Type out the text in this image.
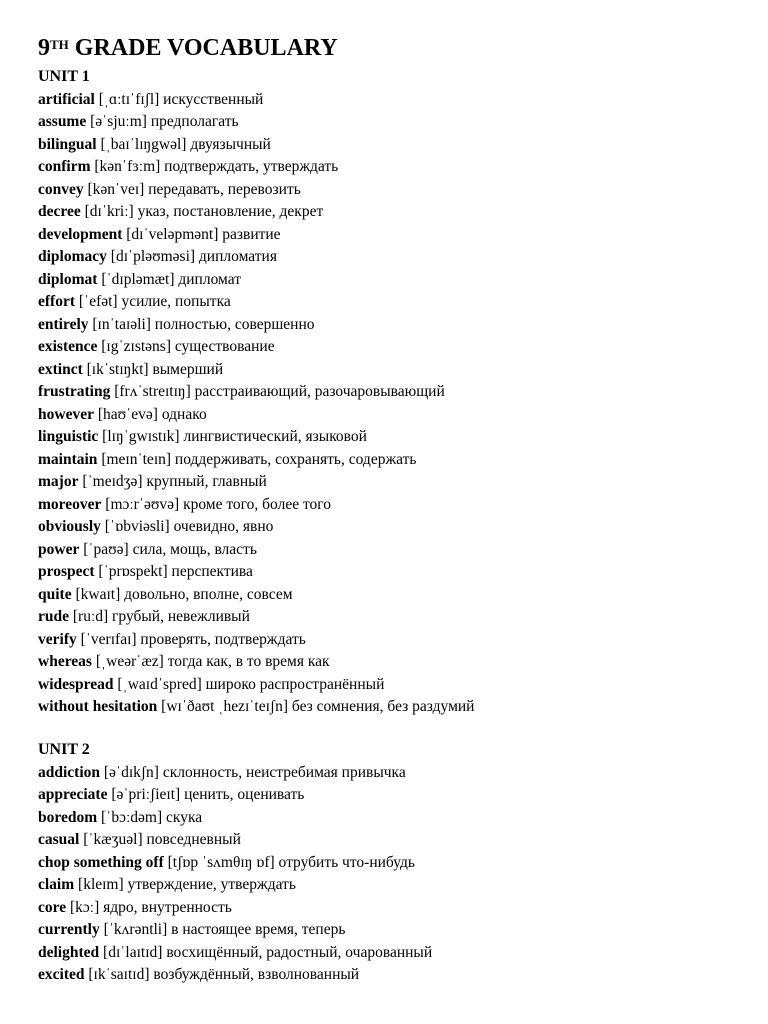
9TH GRADE VOCABULARY
UNIT 1
artificial [ˌɑːtɪˈfɪʃl] искусственный
assume [əˈsjuːm] предполагать
bilingual [ˌbaɪˈlɪŋgwəl] двуязычный
confirm [kənˈfɜːm] подтверждать, утверждать
convey [kənˈveɪ] передавать, перевозить
decree [dɪˈkriː] указ, постановление, декрет
development [dɪˈveləpmənt] развитие
diplomacy [dɪˈpləʊməsi] дипломатия
diplomat [ˈdɪpləmæt] дипломат
effort [ˈefət] усилие, попытка
entirely [ɪnˈtaɪəli] полностью, совершенно
existence [ɪgˈzɪstəns] существование
extinct [ɪkˈstɪŋkt] вымерший
frustrating [frʌˈstreɪtɪŋ] расстраивающий, разочаровывающий
however [haʊˈevə] однако
linguistic [lɪŋˈgwɪstɪk] лингвистический, языковой
maintain [meɪnˈteɪn] поддерживать, сохранять, содержать
major [ˈmeɪdʒə] крупный, главный
moreover [mɔːrˈəʊvə] кроме того, более того
obviously [ˈɒbviəsli] очевидно, явно
power [ˈpaʊə] сила, мощь, власть
prospect [ˈprɒspekt] перспектива
quite [kwaɪt] довольно, вполне, совсем
rude [ruːd] грубый, невежливый
verify [ˈverɪfaɪ] проверять, подтверждать
whereas [ˌweərˈæz] тогда как, в то время как
widespread [ˌwaɪdˈspred] широко распространённый
without hesitation [wɪˈðaʊt ˌhezɪˈteɪʃn] без сомнения, без раздумий
UNIT 2
addiction [əˈdɪkʃn] склонность, неистребимая привычка
appreciate [əˈpriːʃieɪt] ценить, оценивать
boredom [ˈbɔːdəm] скука
casual [ˈkæʒuəl] повседневный
chop something off [tʃɒp ˈsʌmθɪŋ ɒf] отрубить что-нибудь
claim [kleɪm] утверждение, утверждать
core [kɔː] ядро, внутренность
currently [ˈkʌrəntli] в настоящее время, теперь
delighted [dɪˈlaɪtɪd] восхищённый, радостный, очарованный
excited [ɪkˈsaɪtɪd] возбуждённый, взволнованный
